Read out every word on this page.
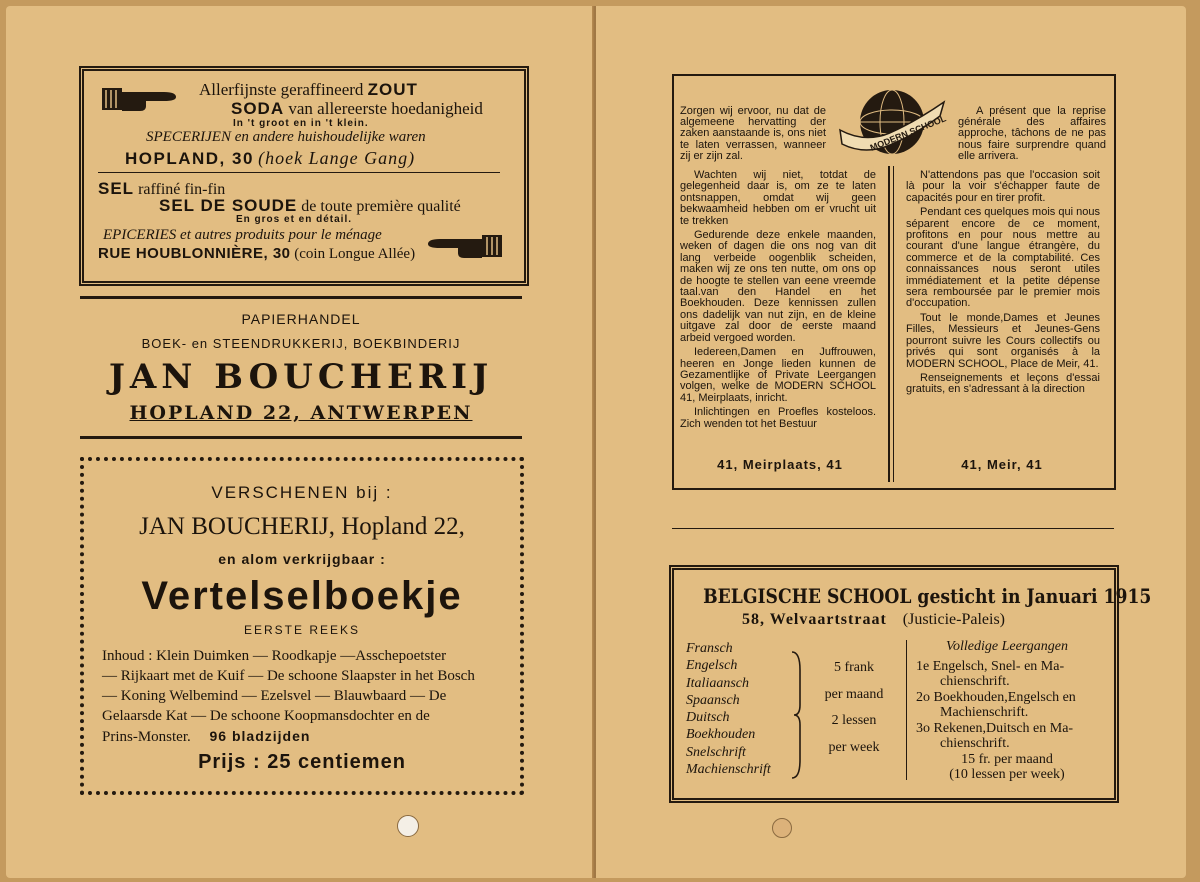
Allerfijnste geraffineerd ZOUT
SODA van allereerste hoedanigheid
In 't groot en in 't klein.
SPECERIJEN en andere huishoudelijke waren
HOPLAND, 30 (hoek Lange Gang)
SEL raffiné fin-fin
SEL DE SOUDE de toute première qualité
En gros et en détail.
EPICERIES et autres produits pour le ménage
RUE HOUBLONNIÈRE, 30 (coin Longue Allée)
PAPIERHANDEL
BOEK- en STEENDRUKKERIJ, BOEKBINDERIJ
JAN BOUCHERIJ
HOPLAND 22, ANTWERPEN
VERSCHENEN bij :
JAN BOUCHERIJ, Hopland 22,
en alom verkrijgbaar :
Vertelselboekje
EERSTE REEKS
Inhoud : Klein Duimken — Roodkapje —Asschepoetster
— Rijkaart met de Kuif — De schoone Slaapster in het Bosch
— Koning Welbemind — Ezelsvel — Blauwbaard — De
Gelaarsde Kat — De schoone Koopmansdochter en de
Prins-Monster. 96 bladzijden
Prijs : 25 centiemen
MODERN SCHOOL
Zorgen wij ervoor, nu dat de algemeene hervatting der zaken aanstaande is, ons niet te laten verrassen, wanneer zij er zijn zal.
A présent que la reprise générale des affaires approche, tâchons de ne pas nous faire surprendre quand elle arrivera.

Wachten wij niet, totdat de gelegenheid daar is, om ze te laten ontsnappen, omdat wij geen bekwaamheid hebben om er vrucht uit te trekken

Gedurende deze enkele maanden, weken of dagen die ons nog van dit lang verbeide oogenblik scheiden, maken wij ze ons ten nutte, om ons op de hoogte te stellen van eene vreemde taal.van den Handel en het Boekhouden. Deze kennissen zullen ons dadelijk van nut zijn, en de kleine uitgave zal door de eerste maand arbeid vergoed worden.

Iedereen,Damen en Juffrouwen, heeren en Jonge lieden kunnen de Gezamentlijke of Private Leergangen volgen, welke de MODERN SCHOOL 41, Meirplaats, inricht.

Inlichtingen en Proefles kosteloos. Zich wenden tot het Bestuur

41, Meirplaats, 41

N'attendons pas que l'occasion soit là pour la voir s'échapper faute de capacités pour en tirer profit.

Pendant ces quelques mois qui nous séparent encore de ce moment, profitons en pour nous mettre au courant d'une langue étrangère, du commerce et de la comptabilité. Ces connaissances nous seront utiles immédiatement et la petite dépense sera remboursée par le premier mois d'occupation.

Tout le monde,Dames et Jeunes Filles, Messieurs et Jeunes-Gens pourront suivre les Cours collectifs ou privés qui sont organisés à la MODERN SCHOOL, Place de Meir, 41.

Renseignements et leçons d'essai gratuits, en s'adressant à la direction

41, Meir, 41
BELGISCHE SCHOOL gesticht in Januari 1915
58, Welvaartstraat (Justicie-Paleis)
Fransch
Engelsch
Italiaansch
Spaansch
Duitsch
Boekhouden
Snelschrift
Machienschrift
5 frank
per maand
2 lessen
per week
Volledige Leergangen
1e Engelsch, Snel- en Ma-
chienschrift.
2o Boekhouden,Engelsch en
Machienschrift.
3o Rekenen,Duitsch en Ma-
chienschrift.
15 fr. per maand
(10 lessen per week)
